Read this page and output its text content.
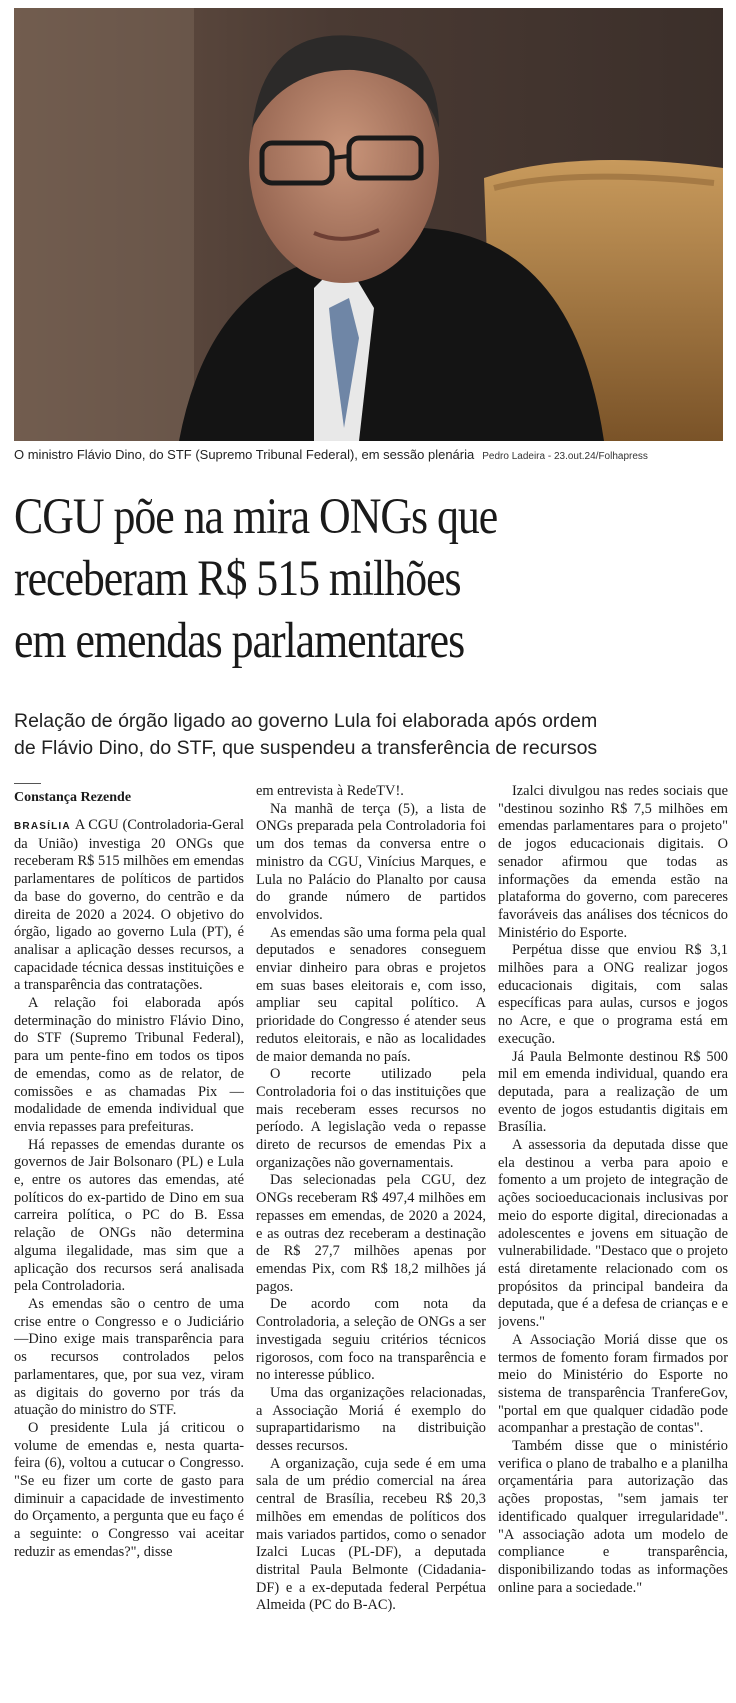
O ministro Flávio Dino, do STF (Supremo Tribunal Federal), em sessão plenária Pedro Ladeira - 23.out.24/Folhapress
CGU põe na mira ONGs que
receberam R$ 515 milhões
em emendas parlamentares
Relação de órgão ligado ao governo Lula foi elaborada após ordem
de Flávio Dino, do STF, que suspendeu a transferência de recursos
Constança Rezende

BRASÍLIA A CGU (Controladoria-Geral da União) investiga 20 ONGs que receberam R$ 515 milhões em emendas parlamentares de políticos de partidos da base do governo, do centrão e da direita de 2020 a 2024. O objetivo do órgão, ligado ao governo Lula (PT), é analisar a aplicação desses recursos, a capacidade técnica dessas instituições e a transparência das contratações.

A relação foi elaborada após determinação do ministro Flávio Dino, do STF (Supremo Tribunal Federal), para um pente-fino em todos os tipos de emendas, como as de relator, de comissões e as chamadas Pix —modalidade de emenda individual que envia repasses para prefeituras.

Há repasses de emendas durante os governos de Jair Bolsonaro (PL) e Lula e, entre os autores das emendas, até políticos do ex-partido de Dino em sua carreira política, o PC do B. Essa relação de ONGs não determina alguma ilegalidade, mas sim que a aplicação dos recursos será analisada pela Controladoria.

As emendas são o centro de uma crise entre o Congresso e o Judiciário —Dino exige mais transparência para os recursos controlados pelos parlamentares, que, por sua vez, viram as digitais do governo por trás da atuação do ministro do STF.

O presidente Lula já criticou o volume de emendas e, nesta quarta-feira (6), voltou a cutucar o Congresso. "Se eu fizer um corte de gasto para diminuir a capacidade de investimento do Orçamento, a pergunta que eu faço é a seguinte: o Congresso vai aceitar reduzir as emendas?", disse

em entrevista à RedeTV!.

Na manhã de terça (5), a lista de ONGs preparada pela Controladoria foi um dos temas da conversa entre o ministro da CGU, Vinícius Marques, e Lula no Palácio do Planalto por causa do grande número de partidos envolvidos.

As emendas são uma forma pela qual deputados e senadores conseguem enviar dinheiro para obras e projetos em suas bases eleitorais e, com isso, ampliar seu capital político. A prioridade do Congresso é atender seus redutos eleitorais, e não as localidades de maior demanda no país.

O recorte utilizado pela Controladoria foi o das instituições que mais receberam esses recursos no período. A legislação veda o repasse direto de recursos de emendas Pix a organizações não governamentais.

Das selecionadas pela CGU, dez ONGs receberam R$ 497,4 milhões em repasses em emendas, de 2020 a 2024, e as outras dez receberam a destinação de R$ 27,7 milhões apenas por emendas Pix, com R$ 18,2 milhões já pagos.

De acordo com nota da Controladoria, a seleção de ONGs a ser investigada seguiu critérios técnicos rigorosos, com foco na transparência e no interesse público.

Uma das organizações relacionadas, a Associação Moriá é exemplo do suprapartidarismo na distribuição desses recursos.

A organização, cuja sede é em uma sala de um prédio comercial na área central de Brasília, recebeu R$ 20,3 milhões em emendas de políticos dos mais variados partidos, como o senador Izalci Lucas (PL-DF), a deputada distrital Paula Belmonte (Cidadania-DF) e a ex-deputada federal Perpétua Almeida (PC do B-AC).

Izalci divulgou nas redes sociais que "destinou sozinho R$ 7,5 milhões em emendas parlamentares para o projeto" de jogos educacionais digitais. O senador afirmou que todas as informações da emenda estão na plataforma do governo, com pareceres favoráveis das análises dos técnicos do Ministério do Esporte.

Perpétua disse que enviou R$ 3,1 milhões para a ONG realizar jogos educacionais digitais, com salas específicas para aulas, cursos e jogos no Acre, e que o programa está em execução.

Já Paula Belmonte destinou R$ 500 mil em emenda individual, quando era deputada, para a realização de um evento de jogos estudantis digitais em Brasília.

A assessoria da deputada disse que ela destinou a verba para apoio e fomento a um projeto de integração de ações socioeducacionais inclusivas por meio do esporte digital, direcionadas a adolescentes e jovens em situação de vulnerabilidade. "Destaco que o projeto está diretamente relacionado com os propósitos da principal bandeira da deputada, que é a defesa de crianças e e jovens."

A Associação Moriá disse que os termos de fomento foram firmados por meio do Ministério do Esporte no sistema de transparência TranfereGov, "portal em que qualquer cidadão pode acompanhar a prestação de contas".

Também disse que o ministério verifica o plano de trabalho e a planilha orçamentária para autorização das ações propostas, "sem jamais ter identificado qualquer irregularidade". "A associação adota um modelo de compliance e transparência, disponibilizando todas as informações online para a sociedade."
